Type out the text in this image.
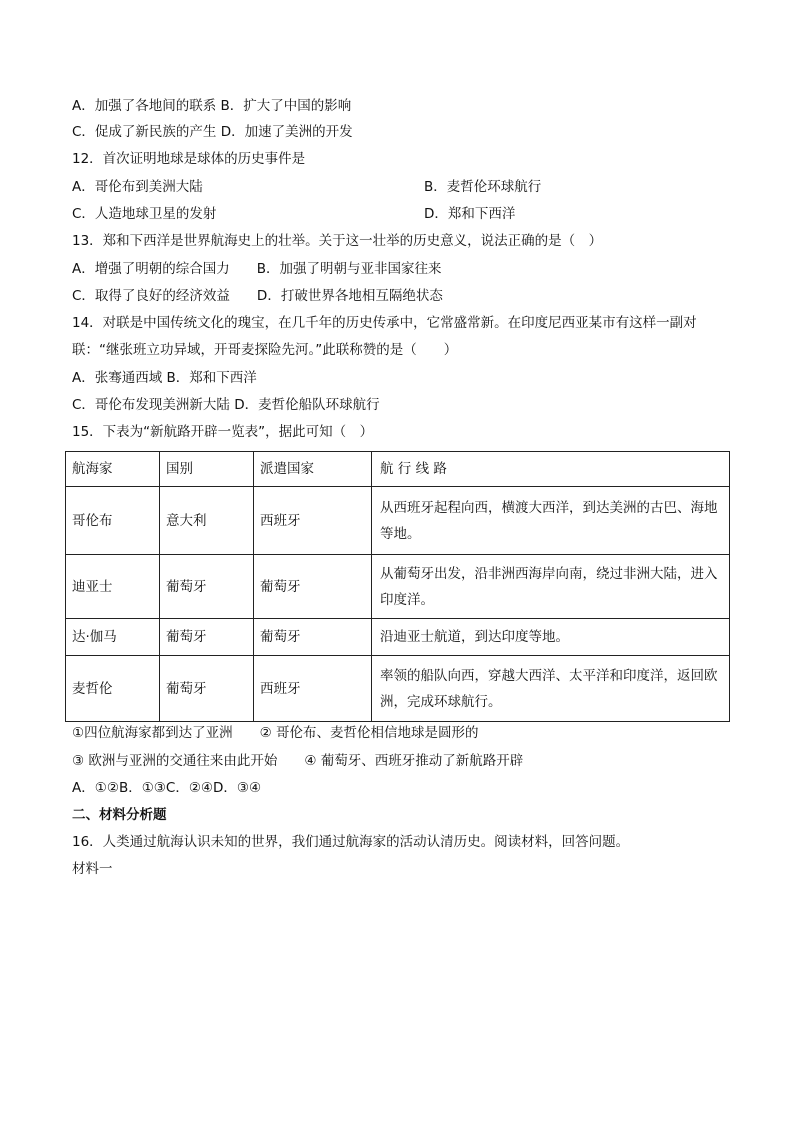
A．加强了各地间的联系 B．扩大了中国的影响
C．促成了新民族的产生 D．加速了美洲的开发
12．首次证明地球是球体的历史事件是
A．哥伦布到美洲大陆	B．麦哲伦环球航行
C．人造地球卫星的发射	D．郑和下西洋
13．郑和下西洋是世界航海史上的壮举。关于这一壮举的历史意义，说法正确的是（　）
A．增强了明朝的综合国力　　B．加强了明朝与亚非国家往来
C．取得了良好的经济效益　　D．打破世界各地相互隔绝状态
14．对联是中国传统文化的瑰宝，在几千年的历史传承中，它常盛常新。在印度尼西亚某市有这样一副对
联：“继张班立功异域，开哥麦探险先河。”此联称赞的是（　　）
A．张骞通西域 B．郑和下西洋
C．哥伦布发现美洲新大陆 D．麦哲伦船队环球航行
15．下表为“新航路开辟一览表”，据此可知（　）
航海家	国别	派遣国家	航 行 线 路
哥伦布	意大利	西班牙	从西班牙起程向西，横渡大西洋，到达美洲的古巴、海地等地。
迪亚士	葡萄牙	葡萄牙	从葡萄牙出发，沿非洲西海岸向南，绕过非洲大陆，进入印度洋。
达·伽马	葡萄牙	葡萄牙	沿迪亚士航道，到达印度等地。
麦哲伦	葡萄牙	西班牙	率领的船队向西，穿越大西洋、太平洋和印度洋，返回欧洲，完成环球航行。
①四位航海家都到达了亚洲　　② 哥伦布、麦哲伦相信地球是圆形的
③ 欧洲与亚洲的交通往来由此开始　　④ 葡萄牙、西班牙推动了新航路开辟
A．①②B．①③C．②④D．③④
二、材料分析题
16．人类通过航海认识未知的世界，我们通过航海家的活动认清历史。阅读材料，回答问题。
材料一
